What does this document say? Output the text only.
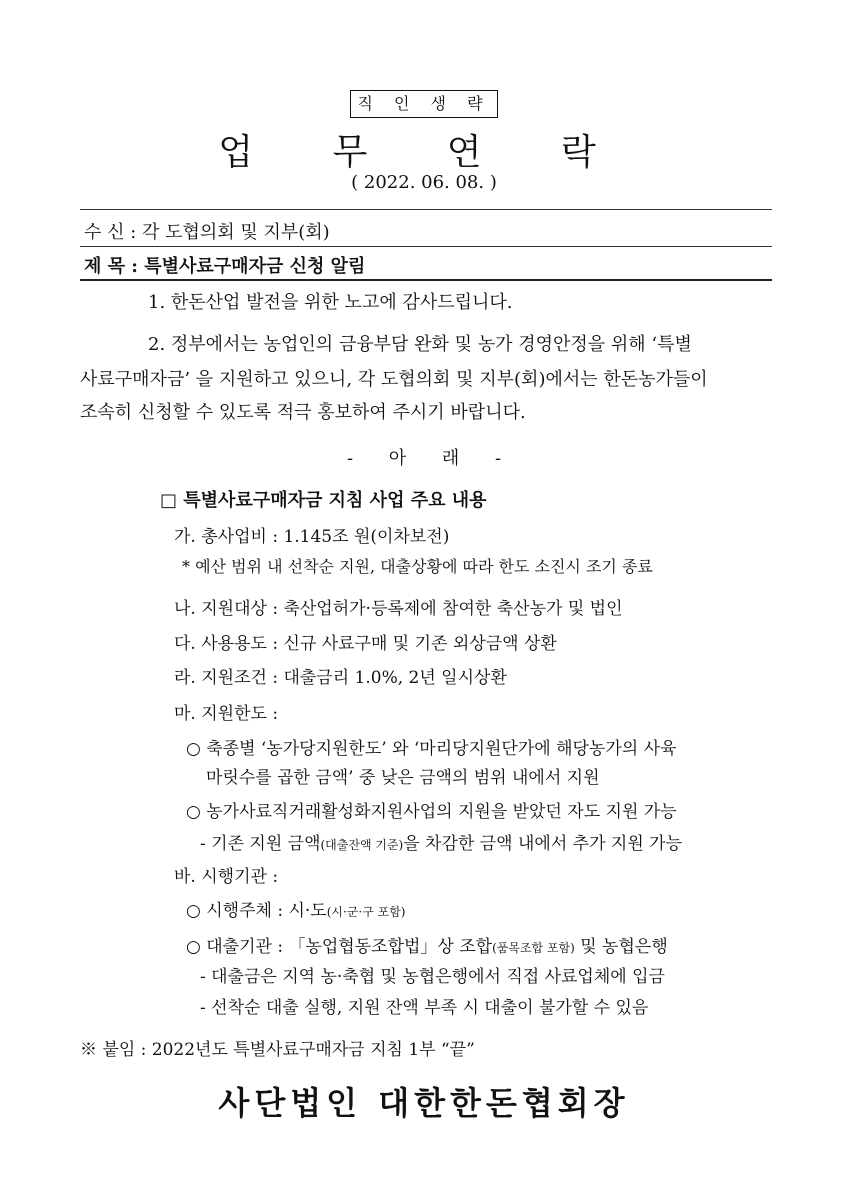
직 인 생 략
업 무 연 락
( 2022. 06. 08. )
수 신 : 각 도협의회 및 지부(회)
제 목 : 특별사료구매자금 신청 알림
1. 한돈산업 발전을 위한 노고에 감사드립니다.
2. 정부에서는 농업인의 금융부담 완화 및 농가 경영안정을 위해 ‘특별
사료구매자금’ 을 지원하고 있으니, 각 도협의회 및 지부(회)에서는 한돈농가들이
조속히 신청할 수 있도록 적극 홍보하여 주시기 바랍니다.
- 아 래 -
□ 특별사료구매자금 지침 사업 주요 내용
가. 총사업비 : 1.145조 원(이차보전)
* 예산 범위 내 선착순 지원, 대출상황에 따라 한도 소진시 조기 종료
나. 지원대상 : 축산업허가·등록제에 참여한 축산농가 및 법인
다. 사용용도 : 신규 사료구매 및 기존 외상금액 상환
라. 지원조건 : 대출금리 1.0%, 2년 일시상환
마. 지원한도 :
○ 축종별 ‘농가당지원한도’ 와 ‘마리당지원단가에 해당농가의 사육
마릿수를 곱한 금액’ 중 낮은 금액의 범위 내에서 지원
○ 농가사료직거래활성화지원사업의 지원을 받았던 자도 지원 가능
- 기존 지원 금액(대출잔액 기준)을 차감한 금액 내에서 추가 지원 가능
바. 시행기관 :
○ 시행주체 : 시·도(시·군·구 포함)
○ 대출기관 : 「농업협동조합법」상 조합(품목조합 포함) 및 농협은행
- 대출금은 지역 농·축협 및 농협은행에서 직접 사료업체에 입금
- 선착순 대출 실행, 지원 잔액 부족 시 대출이 불가할 수 있음
※ 붙임 : 2022년도 특별사료구매자금 지침 1부 “끝”
사단법인 대한한돈협회장
